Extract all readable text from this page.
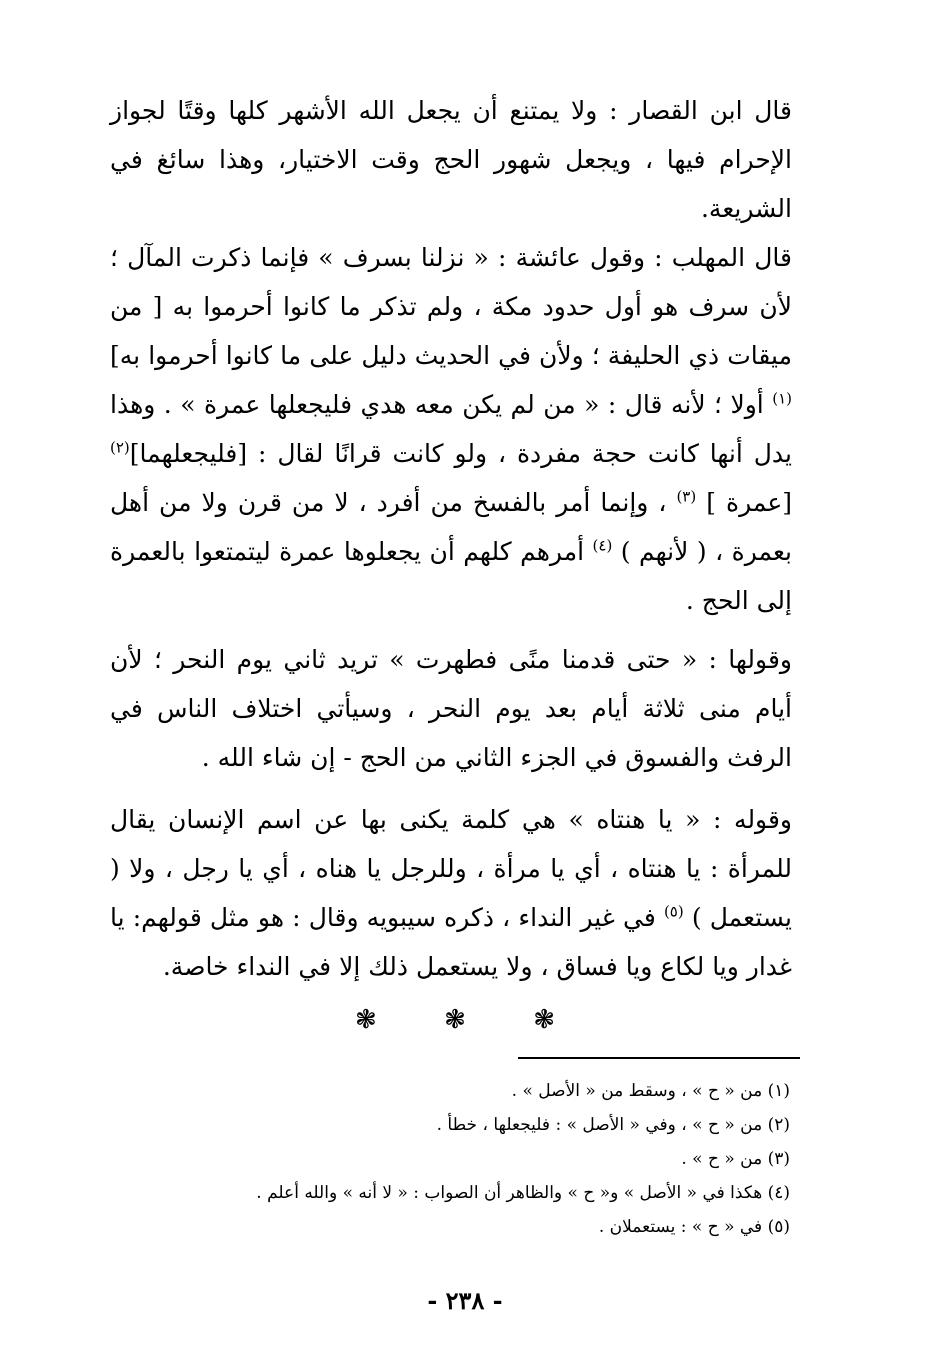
قال ابن القصار : ولا يمتنع أن يجعل الله الأشهر كلها وقتًا لجواز الإحرام فيها ، ويجعل شهور الحج وقت الاختيار، وهذا سائغ في الشريعة.

قال المهلب : وقول عائشة : « نزلنا بسرف » فإنما ذكرت المآل ؛ لأن سرف هو أول حدود مكة ، ولم تذكر ما كانوا أحرموا به [ من ميقات ذي الحليفة ؛ ولأن في الحديث دليل على ما كانوا أحرموا به]$^{(١)}$ أولا ؛ لأنه قال : « من لم يكن معه هدي فليجعلها عمرة » . وهذا يدل أنها كانت حجة مفردة ، ولو كانت قرانًا لقال : [فليجعلهما]$^{(٢)}$ [عمرة ] $^{(٣)}$ ، وإنما أمر بالفسخ من أفرد ، لا من قرن ولا من أهل بعمرة ، ( لأنهم ) $^{(٤)}$ أمرهم كلهم أن يجعلوها عمرة ليتمتعوا بالعمرة إلى الحج .

وقولها : « حتى قدمنا منًى فطهرت » تريد ثاني يوم النحر ؛ لأن أيام منى ثلاثة أيام بعد يوم النحر ، وسيأتي اختلاف الناس في الرفث والفسوق في الجزء الثاني من الحج - إن شاء الله .

وقوله : « يا هنتاه » هي كلمة يكنى بها عن اسم الإنسان يقال للمرأة : يا هنتاه ، أي يا مرأة ، وللرجل يا هناه ، أي يا رجل ، ولا ( يستعمل ) $^{(٥)}$ في غير النداء ، ذكره سيبويه وقال : هو مثل قولهم: يا غدار ويا لكاع ويا فساق ، ولا يستعمل ذلك إلا في النداء خاصة.

❃	❃	❃
(١) من « ح » ، وسقط من « الأصل » .
(٢) من « ح » ، وفي « الأصل » : فليجعلها ، خطأ .
(٣) من « ح » .
(٤) هكذا في « الأصل » و« ح » والظاهر أن الصواب : « لا أنه » والله أعلم .
(٥) في « ح » : يستعملان .
- ٢٣٨ -
